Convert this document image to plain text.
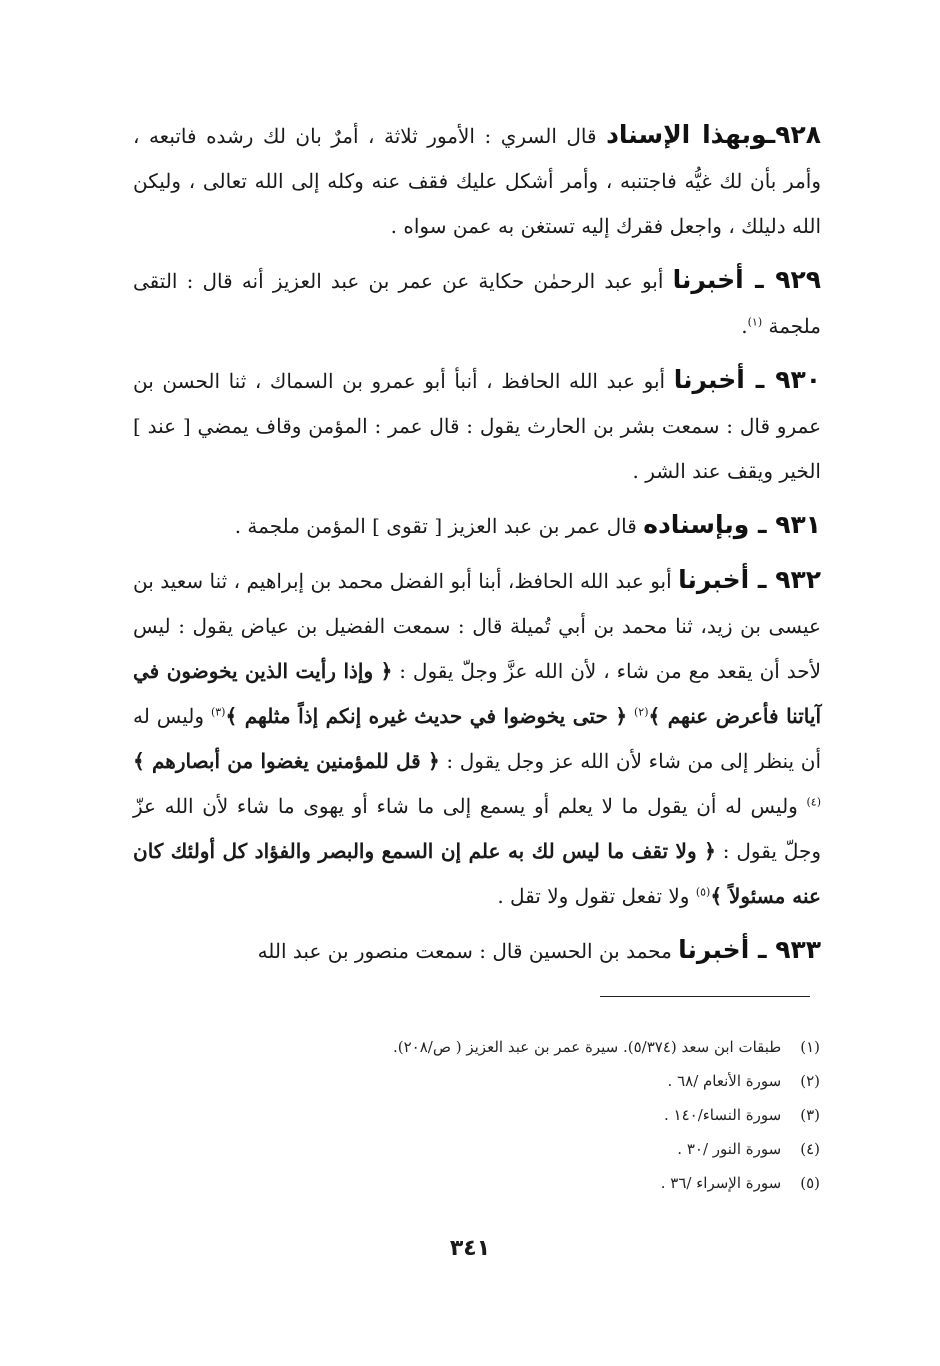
٩٢٨ـوبهذا الإسناد قال السري : الأمور ثلاثة ، أمرٌ بان لك رشده فاتبعه ، وأمر بأن لك غيُّه فاجتنبه ، وأمر أشكل عليك فقف عنه وكله إلى الله تعالى ، وليكن الله دليلك ، واجعل فقرك إليه تستغن به عمن سواه .

٩٢٩ ـ أخبرنا أبو عبد الرحمٰن حكاية عن عمر بن عبد العزيز أنه قال : التقى ملجمة $^{(١)}$.

٩٣٠ ـ أخبرنا أبو عبد الله الحافظ ، أنبأ أبو عمرو بن السماك ، ثنا الحسن بن عمرو قال : سمعت بشر بن الحارث يقول : قال عمر : المؤمن وقاف يمضي [ عند ] الخير ويقف عند الشر .

٩٣١ ـ وبإسناده قال عمر بن عبد العزيز [ تقوى ] المؤمن ملجمة .

٩٣٢ ـ أخبرنا أبو عبد الله الحافظ، أبنا أبو الفضل محمد بن إبراهيم ، ثنا سعيد بن عيسى بن زيد، ثنا محمد بن أبي تُميلة قال : سمعت الفضيل بن عياض يقول : ليس لأحد أن يقعد مع من شاء ، لأن الله عزَّ وجلّ يقول : ﴿ وإذا رأيت الذين يخوضون في آياتنا فأعرض عنهم ﴾$^{(٢)}$ ﴿ حتى يخوضوا في حديث غيره إنكم إذاً مثلهم ﴾$^{(٣)}$ وليس له أن ينظر إلى من شاء لأن الله عز وجل يقول : ﴿ قل للمؤمنين يغضوا من أبصارهم ﴾$^{(٤)}$ وليس له أن يقول ما لا يعلم أو يسمع إلى ما شاء أو يهوى ما شاء لأن الله عزّ وجلّ يقول : ﴿ ولا تقف ما ليس لك به علم إن السمع والبصر والفؤاد كل أولئك كان عنه مسئولاً ﴾$^{(٥)}$ ولا تفعل تقول ولا تقل .

٩٣٣ ـ أخبرنا محمد بن الحسين قال : سمعت منصور بن عبد الله

(١) طبقات ابن سعد (٥/٣٧٤). سيرة عمر بن عبد العزيز ( ص/٢٠٨).
(٢) سورة الأنعام /٦٨ .
(٣) سورة النساء/١٤٠ .
(٤) سورة النور /٣٠ .
(٥) سورة الإسراء /٣٦ .
٣٤١
